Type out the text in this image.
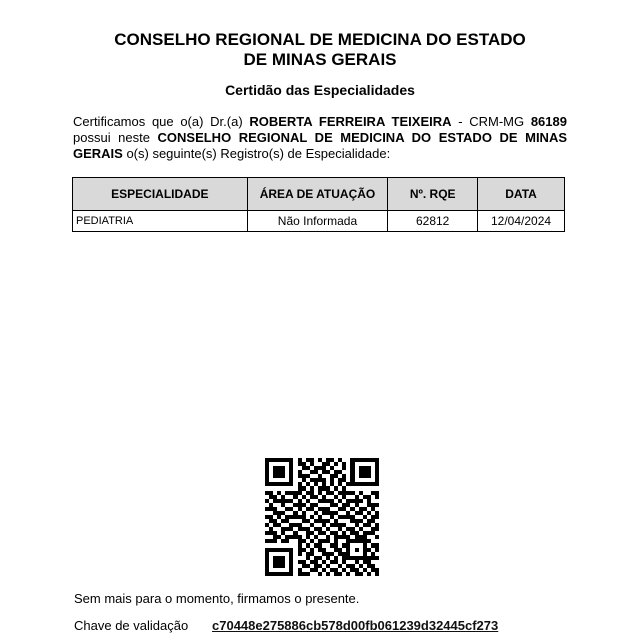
CONSELHO REGIONAL DE MEDICINA DO ESTADO
DE MINAS GERAIS
Certidão das Especialidades

Certificamos que o(a) Dr.(a) ROBERTA FERREIRA TEIXEIRA - CRM-MG 86189 possui neste CONSELHO REGIONAL DE MEDICINA DO ESTADO DE MINAS GERAIS o(s) seguinte(s) Registro(s) de Especialidade:

ESPECIALIDADE	ÁREA DE ATUAÇÃO	Nº. RQE	DATA
PEDIATRIA	Não Informada	62812	12/04/2024
Sem mais para o momento, firmamos o presente.
Chave de validação	c70448e275886cb578d00fb061239d32445cf273
